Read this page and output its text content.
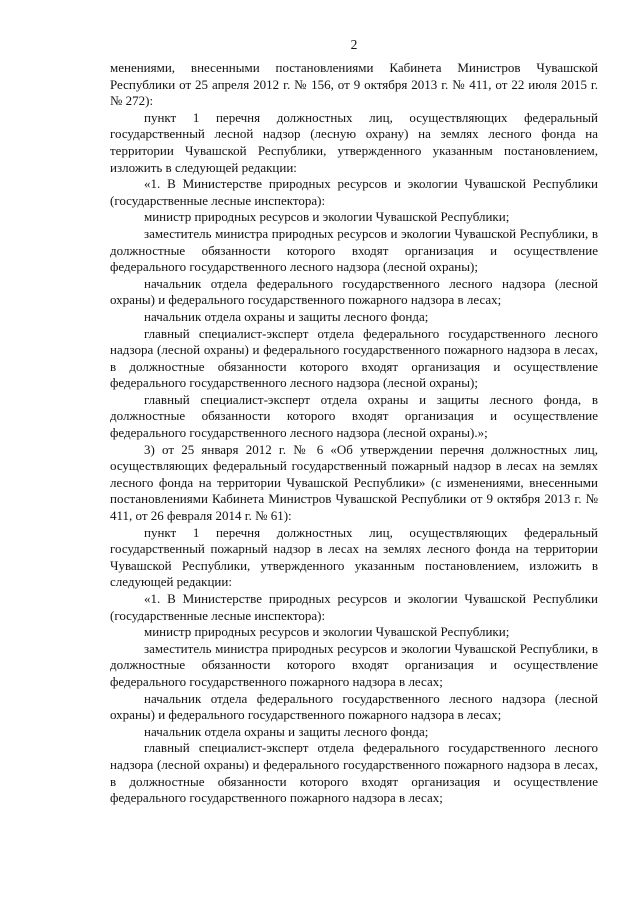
2

менениями, внесенными постановлениями Кабинета Министров Чувашской Республики от 25 апреля 2012 г. № 156, от 9 октября 2013 г. № 411, от 22 июля 2015 г. № 272):

пункт 1 перечня должностных лиц, осуществляющих федеральный государственный лесной надзор (лесную охрану) на землях лесного фонда на территории Чувашской Республики, утвержденного указанным постановлением, изложить в следующей редакции:

«1. В Министерстве природных ресурсов и экологии Чувашской Республики (государственные лесные инспектора):

министр природных ресурсов и экологии Чувашской Республики;

заместитель министра природных ресурсов и экологии Чувашской Республики, в должностные обязанности которого входят организация и осуществление федерального государственного лесного надзора (лесной охраны);

начальник отдела федерального государственного лесного надзора (лесной охраны) и федерального государственного пожарного надзора в лесах;

начальник отдела охраны и защиты лесного фонда;

главный специалист-эксперт отдела федерального государственного лесного надзора (лесной охраны) и федерального государственного пожарного надзора в лесах, в должностные обязанности которого входят организация и осуществление федерального государственного лесного надзора (лесной охраны);

главный специалист-эксперт отдела охраны и защиты лесного фонда, в должностные обязанности которого входят организация и осуществление федерального государственного лесного надзора (лесной охраны).»;

3) от 25 января 2012 г. № 6 «Об утверждении перечня должностных лиц, осуществляющих федеральный государственный пожарный надзор в лесах на землях лесного фонда на территории Чувашской Республики» (с изменениями, внесенными постановлениями Кабинета Министров Чувашской Республики от 9 октября 2013 г. № 411, от 26 февраля 2014 г. № 61):

пункт 1 перечня должностных лиц, осуществляющих федеральный государственный пожарный надзор в лесах на землях лесного фонда на территории Чувашской Республики, утвержденного указанным постановлением, изложить в следующей редакции:

«1. В Министерстве природных ресурсов и экологии Чувашской Республики (государственные лесные инспектора):

министр природных ресурсов и экологии Чувашской Республики;

заместитель министра природных ресурсов и экологии Чувашской Республики, в должностные обязанности которого входят организация и осуществление федерального государственного пожарного надзора в лесах;

начальник отдела федерального государственного лесного надзора (лесной охраны) и федерального государственного пожарного надзора в лесах;

начальник отдела охраны и защиты лесного фонда;

главный специалист-эксперт отдела федерального государственного лесного надзора (лесной охраны) и федерального государственного пожарного надзора в лесах, в должностные обязанности которого входят организация и осуществление федерального государственного пожарного надзора в лесах;
